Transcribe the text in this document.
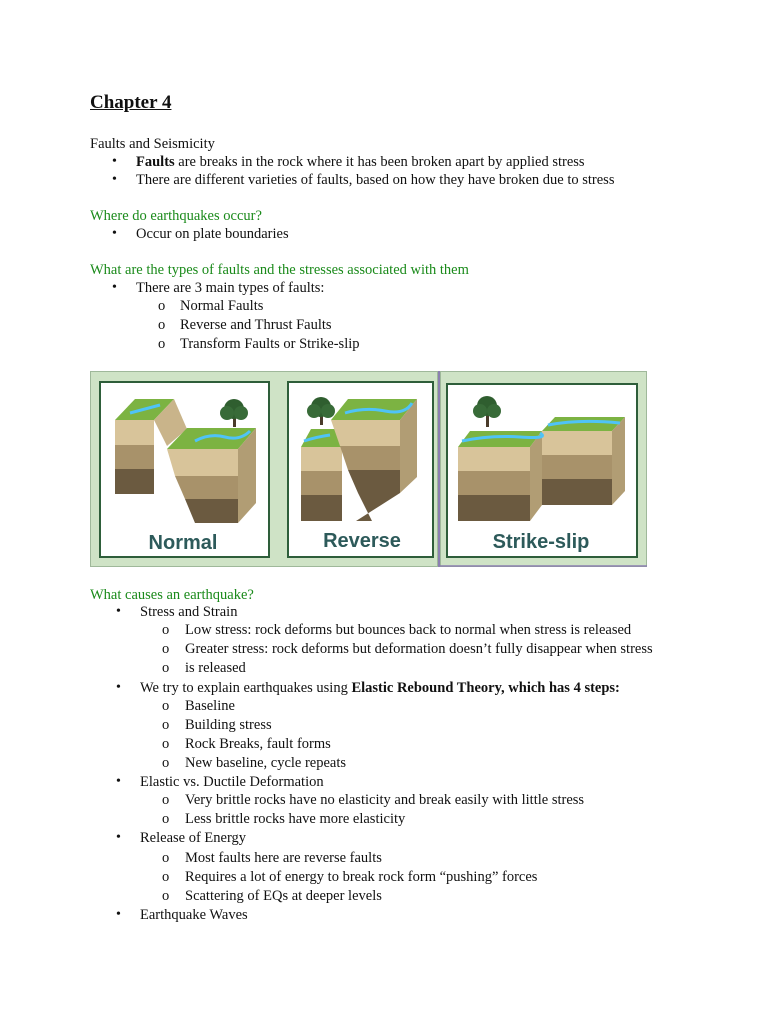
Chapter 4

Faults and Seismicity

• Faults are breaks in the rock where it has been broken apart by applied stress

• There are different varieties of faults, based on how they have broken due to stress

Where do earthquakes occur?

• Occur on plate boundaries

What are the types of faults and the stresses associated with them

• There are 3 main types of faults:

o Normal Faults

o Reverse and Thrust Faults

o Transform Faults or Strike-slip

Normal	Reverse	Strike-slip

What causes an earthquake?

• Stress and Strain

o Low stress: rock deforms but bounces back to normal when stress is released

o Greater stress: rock deforms but deformation doesn’t fully disappear when stress

o is released

• We try to explain earthquakes using Elastic Rebound Theory, which has 4 steps:

o Baseline

o Building stress

o Rock Breaks, fault forms

o New baseline, cycle repeats

• Elastic vs. Ductile Deformation

o Very brittle rocks have no elasticity and break easily with little stress

o Less brittle rocks have more elasticity

• Release of Energy

o Most faults here are reverse faults

o Requires a lot of energy to break rock form “pushing” forces

o Scattering of EQs at deeper levels

• Earthquake Waves
